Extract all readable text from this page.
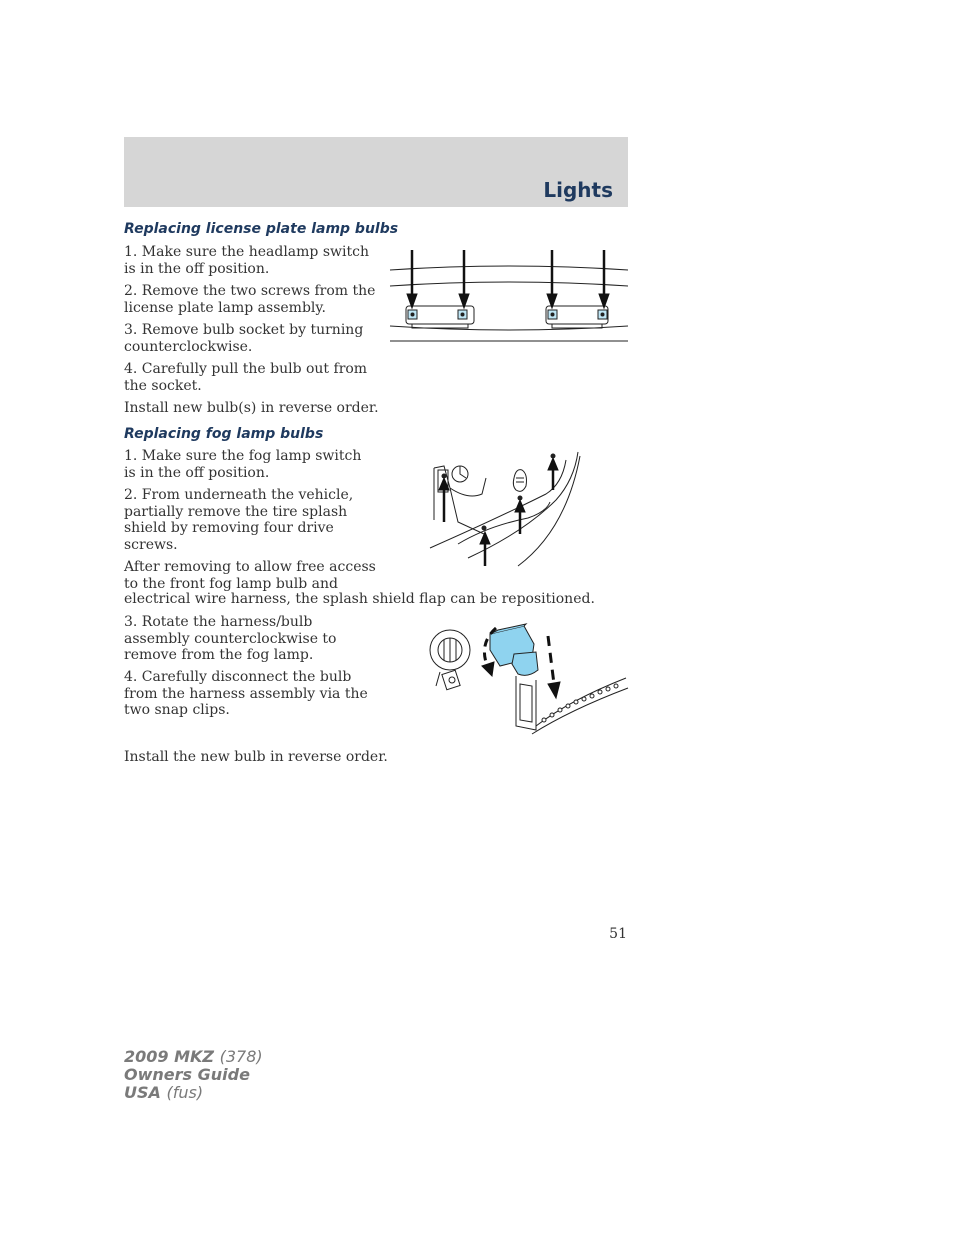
Lights
Replacing license plate lamp bulbs
1. Make sure the headlamp switch is in the off position.
2. Remove the two screws from the license plate lamp assembly.
3. Remove bulb socket by turning counterclockwise.
4. Carefully pull the bulb out from the socket.
Install new bulb(s) in reverse order.
Replacing fog lamp bulbs
1. Make sure the fog lamp switch is in the off position.
2. From underneath the vehicle, partially remove the tire splash shield by removing four drive screws.
After removing to allow free access to the front fog lamp bulb and
electrical wire harness, the splash shield flap can be repositioned.
3. Rotate the harness/bulb assembly counterclockwise to remove from the fog lamp.
4. Carefully disconnect the bulb from the harness assembly via the two snap clips.
Install the new bulb in reverse order.
51
2009 MKZ (378)
Owners Guide
USA (fus)
